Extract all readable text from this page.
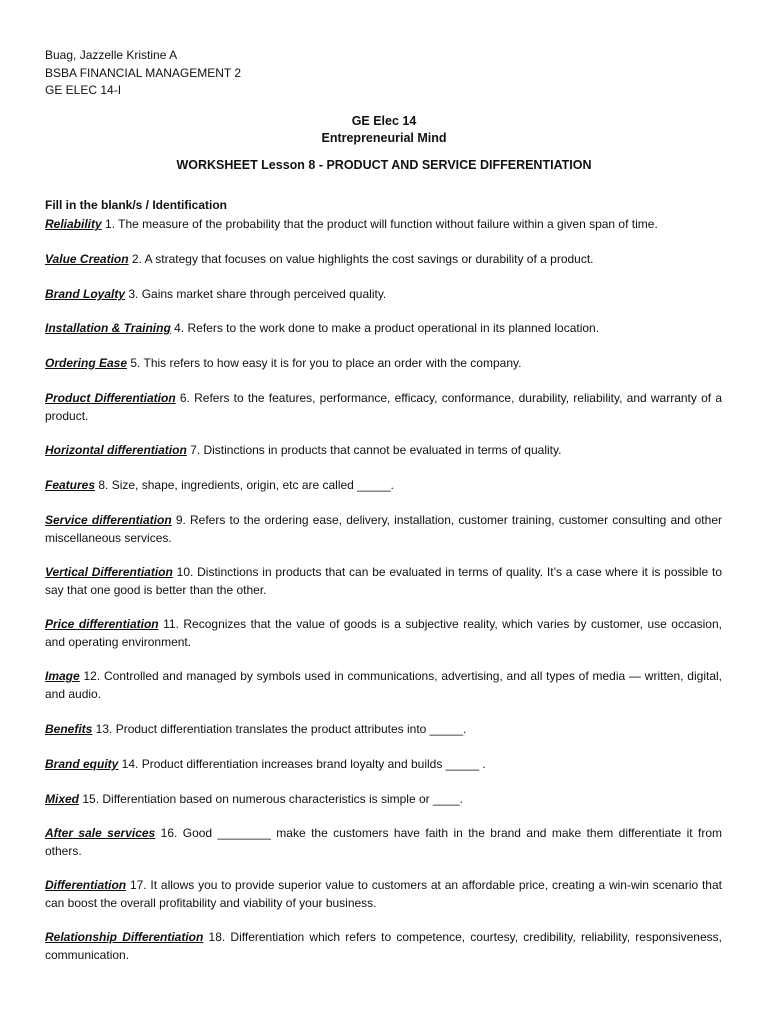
Buag, Jazzelle Kristine A
BSBA FINANCIAL MANAGEMENT 2
GE ELEC 14-I
GE Elec 14
Entrepreneurial Mind
WORKSHEET Lesson 8 - PRODUCT AND SERVICE DIFFERENTIATION
Fill in the blank/s / Identification
Reliability 1. The measure of the probability that the product will function without failure within a given span of time.
Value Creation 2. A strategy that focuses on value highlights the cost savings or durability of a product.
Brand Loyalty 3. Gains market share through perceived quality.
Installation & Training 4. Refers to the work done to make a product operational in its planned location.
Ordering Ease 5. This refers to how easy it is for you to place an order with the company.
Product Differentiation 6. Refers to the features, performance, efficacy, conformance, durability, reliability, and warranty of a product.
Horizontal differentiation 7. Distinctions in products that cannot be evaluated in terms of quality.
Features 8. Size, shape, ingredients, origin, etc are called _____.
Service differentiation 9. Refers to the ordering ease, delivery, installation, customer training, customer consulting and other miscellaneous services.
Vertical Differentiation 10. Distinctions in products that can be evaluated in terms of quality. It’s a case where it is possible to say that one good is better than the other.
Price differentiation 11. Recognizes that the value of goods is a subjective reality, which varies by customer, use occasion, and operating environment.
Image 12. Controlled and managed by symbols used in communications, advertising, and all types of media — written, digital, and audio.
Benefits 13. Product differentiation translates the product attributes into _____.
Brand equity 14. Product differentiation increases brand loyalty and builds _____ .
Mixed 15. Differentiation based on numerous characteristics is simple or ____.
After sale services 16. Good ________ make the customers have faith in the brand and make them differentiate it from others.
Differentiation 17. It allows you to provide superior value to customers at an affordable price, creating a win-win scenario that can boost the overall profitability and viability of your business.
Relationship Differentiation 18. Differentiation which refers to competence, courtesy, credibility, reliability, responsiveness, communication.
